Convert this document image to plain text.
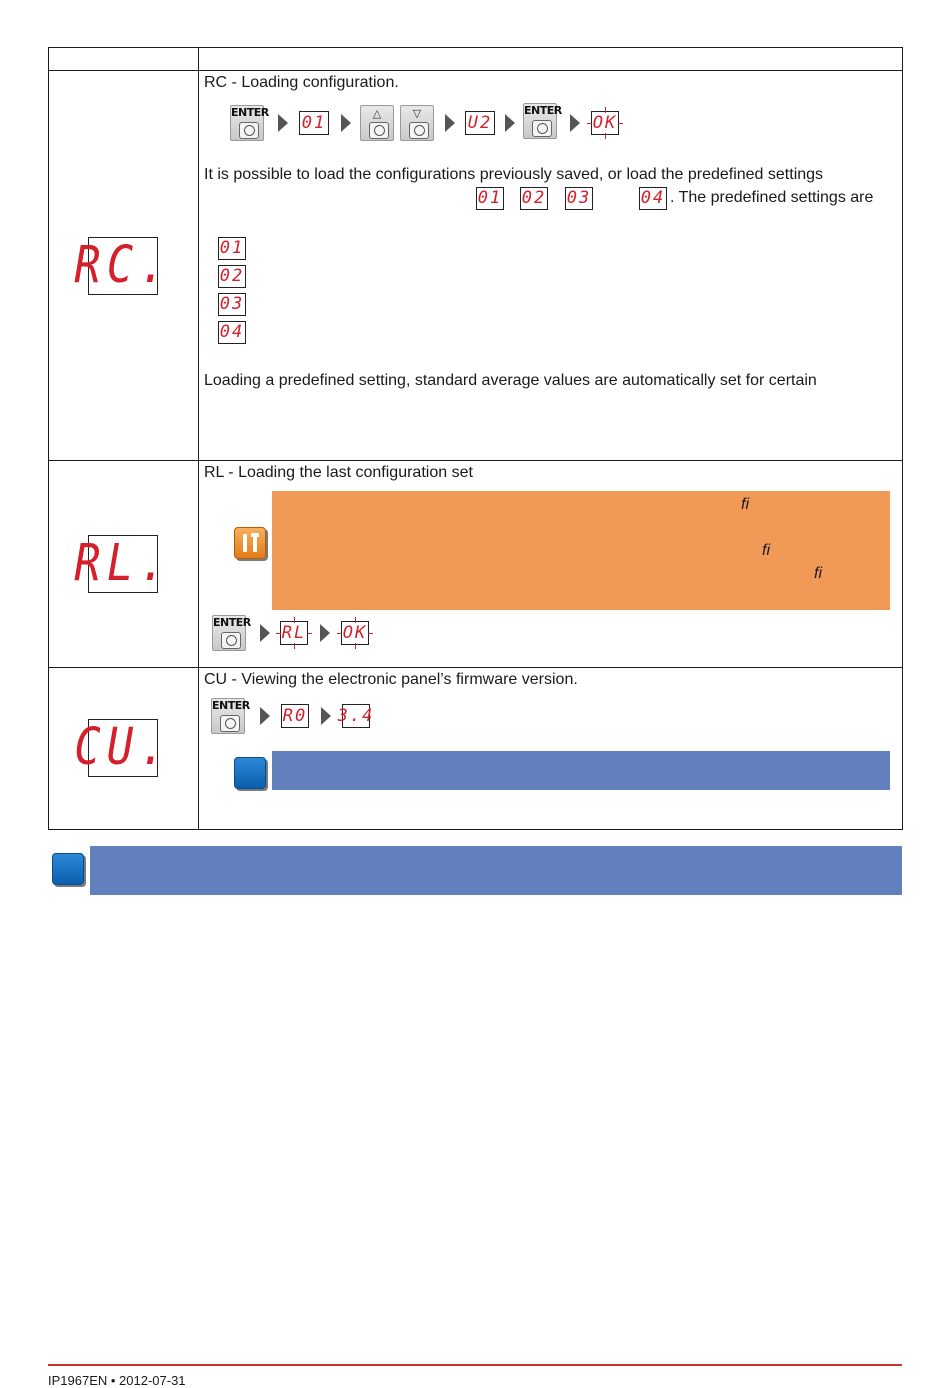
RC.
RC - Loading configuration.
ENTER 01	△	▽	U2
ENTER
OK
It is possible to load the configurations previously saved, or load the predefined settings
01 02 03	04 . The predefined settings are
01
02
03
04
Loading a predefined setting, standard average values are automatically set for certain
RL.
RL - Loading the last configuration set
fi
fi
fi
ENTER RL OK
CU.
CU - Viewing the electronic panel’s firmware version.
ENTER R0 3.4
IP1967EN • 2012-07-31
